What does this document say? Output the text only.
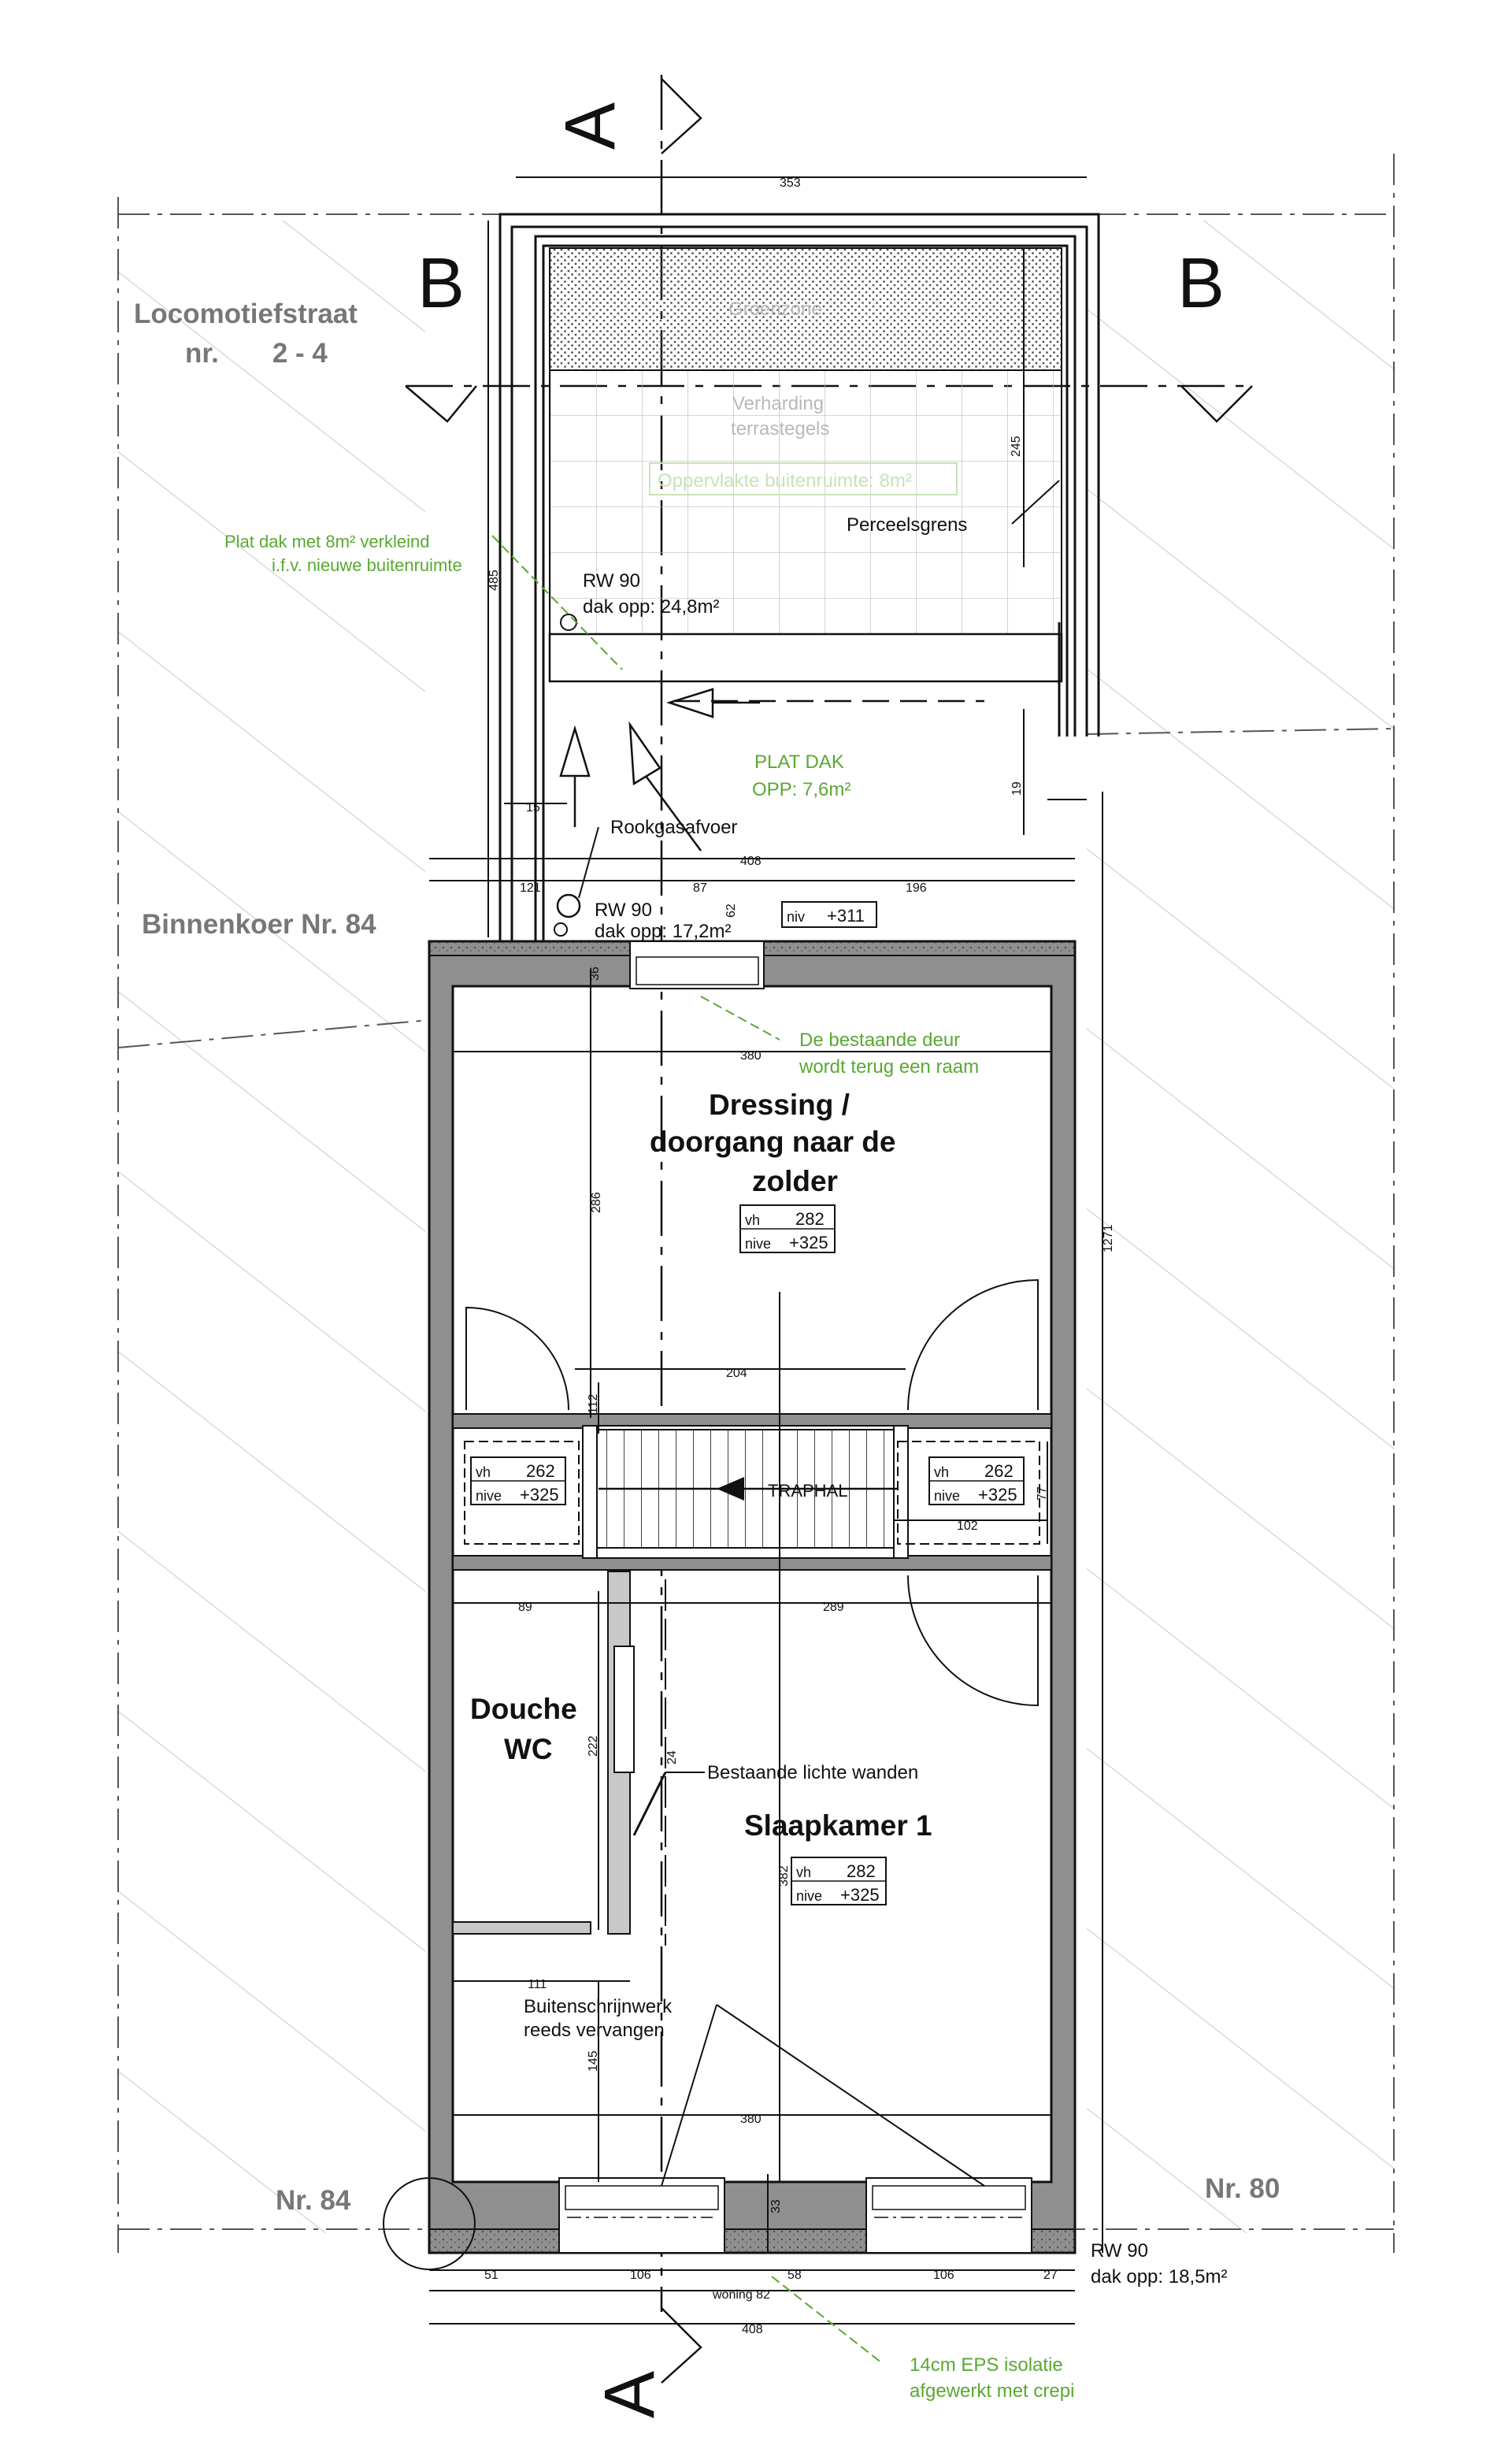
A
A
B	B
Locomotiefstraat
nr.       2 - 4
Binnenkoer Nr. 84
Nr. 84	Nr. 80
Groenzone
Verharding
terrastegels
Oppervlakte buitenruimte: 8m²
Perceelsgrens
RW 90
dak opp: 24,8m²
PLAT DAK
OPP: 7,6m²
RW 90
dak opp: 17,2m²
RW 90
dak opp: 18,5m²
Plat dak met 8m² verkleind
i.f.v. nieuwe buitenruimte
Rookgasafvoer
De bestaande deur
wordt terug een raam
Bestaande lichte wanden
Buitenschrijnwerk
reeds vervangen
14cm EPS isolatie
afgewerkt met crepi
Dressing /
doorgang naar de
zolder
Douche
WC
Slaapkamer 1
TRAPHAL
vh 282
nive +325
vh 262
nive +325
vh 262
nive +325
vh 282
nive +325
niv +311
353
245
485
19
15
408
121	87	196
62
36
380
286
1271
204
112
102
77
89	289
222
24
382
111
145
380
33
51	106	58	106	27
woning 82
408
